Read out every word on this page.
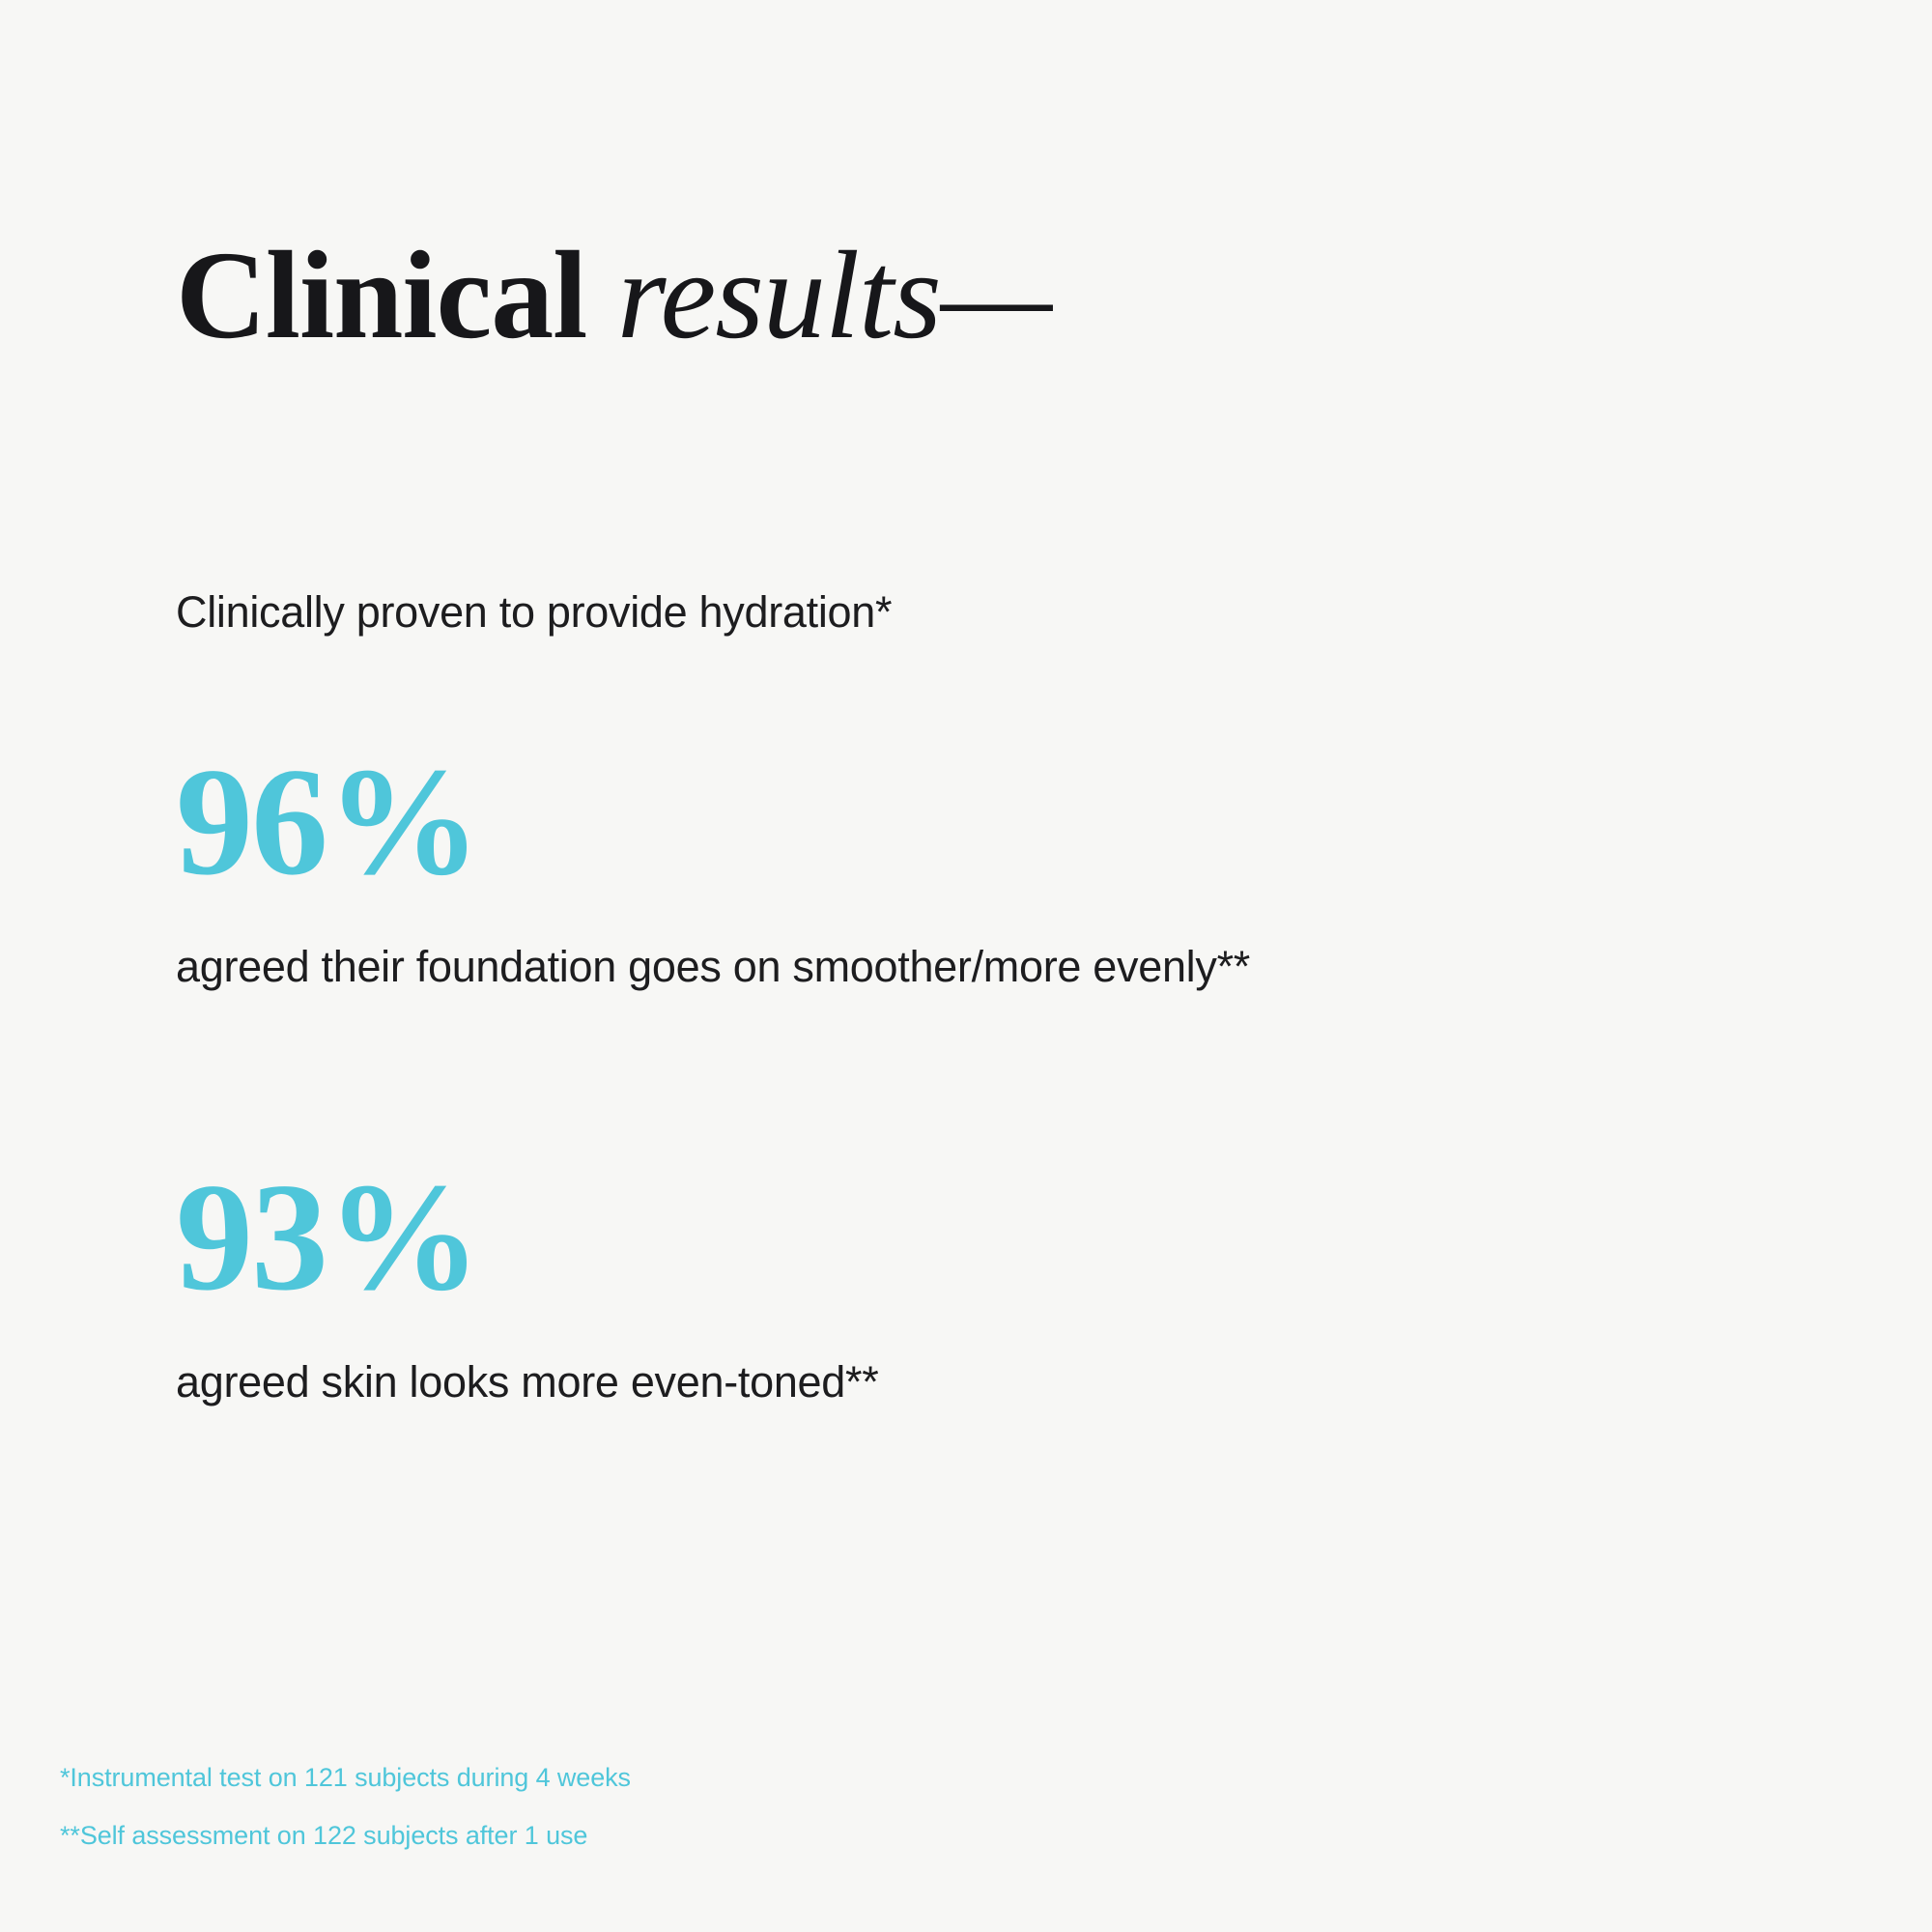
Clinical results—

Clinically proven to provide hydration*

96%
agreed their foundation goes on smoother/more evenly**
93%
agreed skin looks more even-toned**
*Instrumental test on 121 subjects during 4 weeks
**Self assessment on 122 subjects after 1 use
